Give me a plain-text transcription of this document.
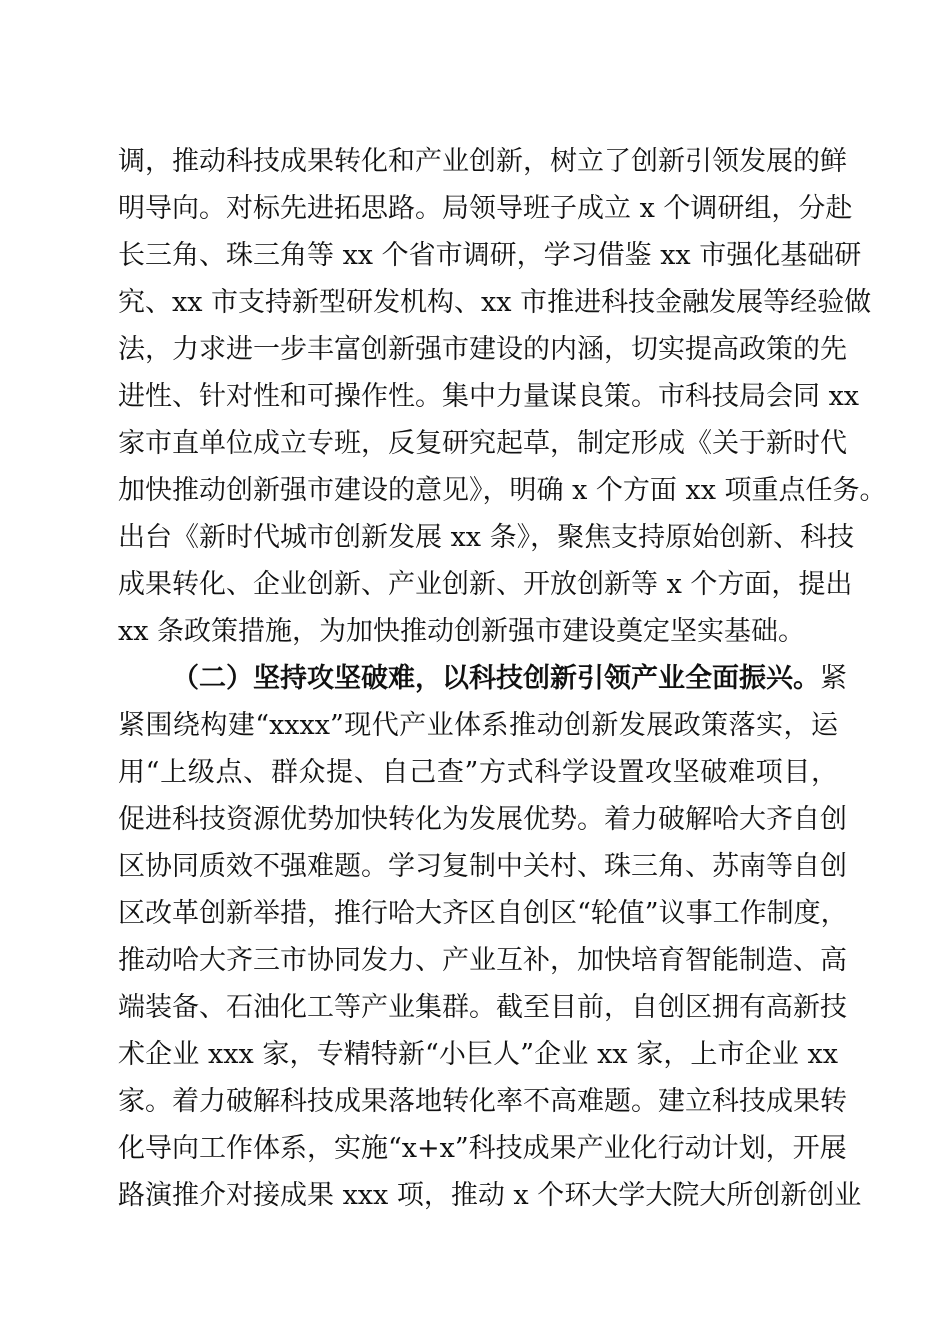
调，推动科技成果转化和产业创新，树立了创新引领发展的鲜
明导向。对标先进拓思路。局领导班子成立 x 个调研组，分赴
长三角、珠三角等 xx 个省市调研，学习借鉴 xx 市强化基础研
究、xx 市支持新型研发机构、xx 市推进科技金融发展等经验做
法，力求进一步丰富创新强市建设的内涵，切实提高政策的先
进性、针对性和可操作性。集中力量谋良策。市科技局会同 xx
家市直单位成立专班，反复研究起草，制定形成《关于新时代
加快推动创新强市建设的意见》，明确 x 个方面 xx 项重点任务。
出台《新时代城市创新发展 xx 条》，聚焦支持原始创新、科技
成果转化、企业创新、产业创新、开放创新等 x 个方面，提出
xx 条政策措施，为加快推动创新强市建设奠定坚实基础。
（二）坚持攻坚破难，以科技创新引领产业全面振兴。紧
紧围绕构建“xxxx”现代产业体系推动创新发展政策落实，运
用“上级点、群众提、自己查”方式科学设置攻坚破难项目，
促进科技资源优势加快转化为发展优势。着力破解哈大齐自创
区协同质效不强难题。学习复制中关村、珠三角、苏南等自创
区改革创新举措，推行哈大齐区自创区“轮值”议事工作制度，
推动哈大齐三市协同发力、产业互补，加快培育智能制造、高
端装备、石油化工等产业集群。截至目前，自创区拥有高新技
术企业 xxx 家，专精特新“小巨人”企业 xx 家，上市企业 xx
家。着力破解科技成果落地转化率不高难题。建立科技成果转
化导向工作体系，实施“x+x”科技成果产业化行动计划，开展
路演推介对接成果 xxx 项，推动 x 个环大学大院大所创新创业
